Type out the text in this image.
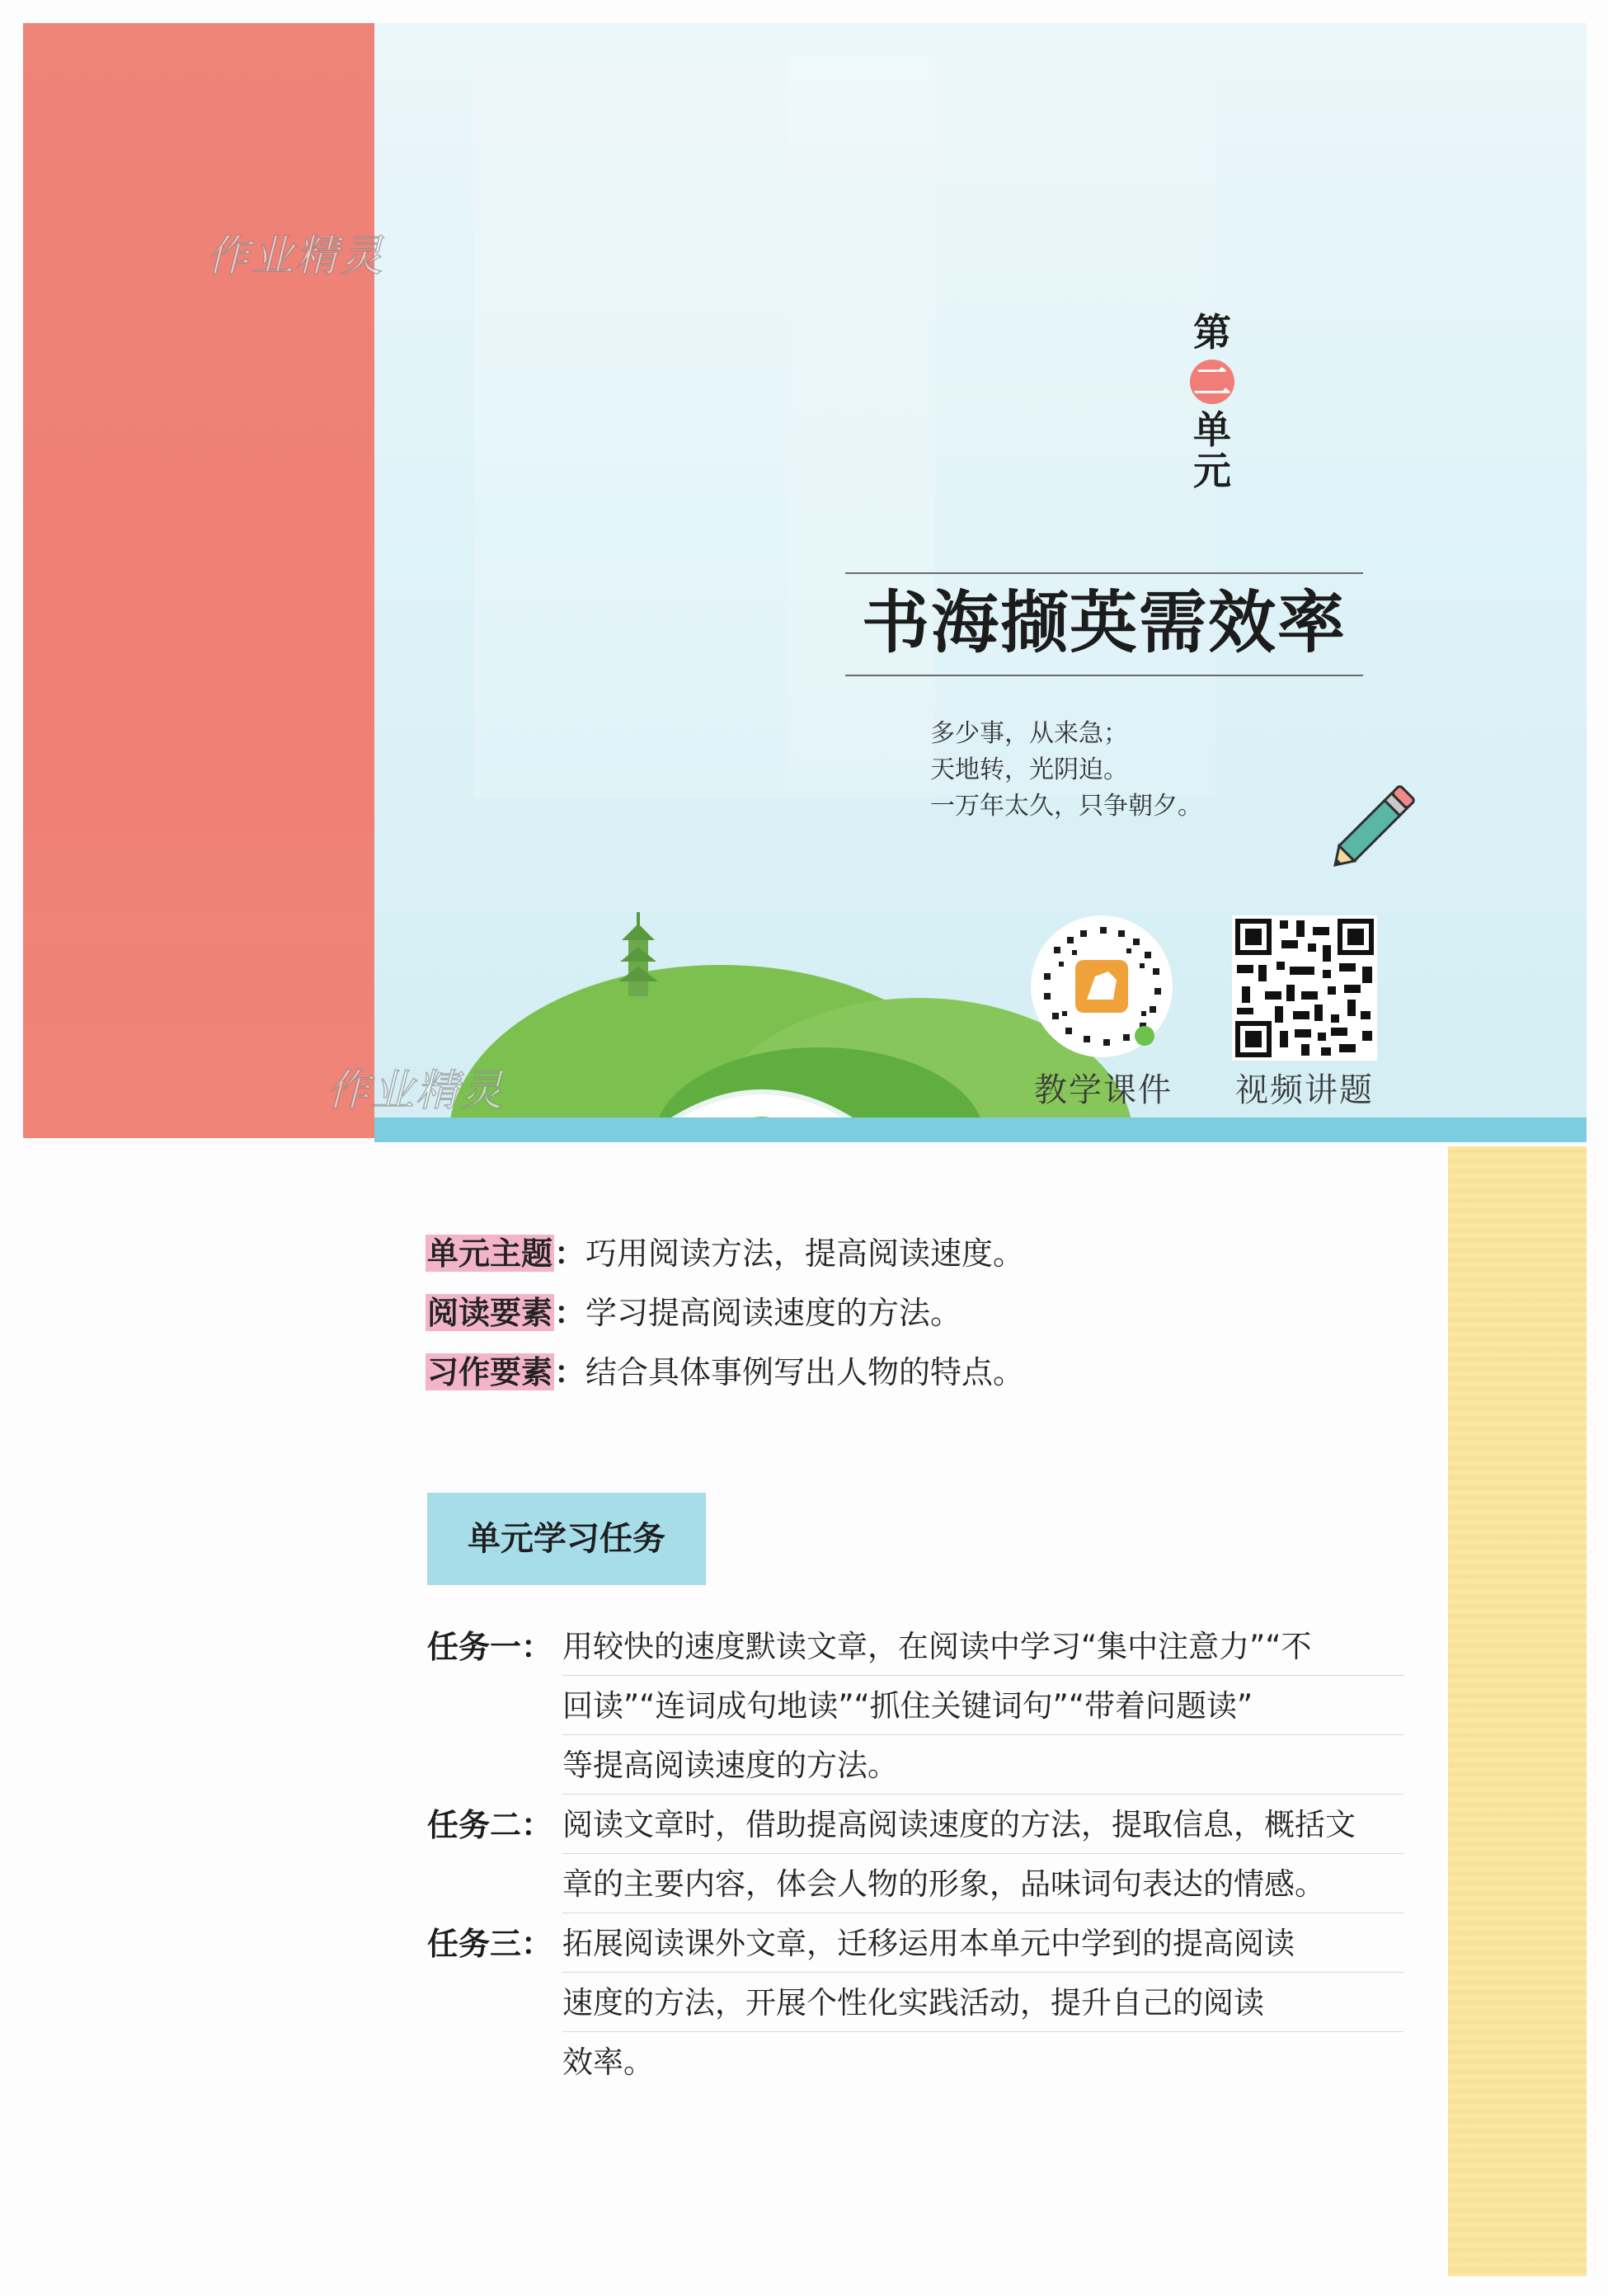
作业精灵
作业精灵
第
二
单
元
书海撷英需效率
多少事，从来急；
天地转，光阴迫。
一万年太久，只争朝夕。
教学课件	视频讲题
单元主题：巧用阅读方法，提高阅读速度。
阅读要素：学习提高阅读速度的方法。
习作要素：结合具体事例写出人物的特点。
单元学习任务
任务一： 用较快的速度默读文章，在阅读中学习“集中注意力”“不
回读”“连词成句地读”“抓住关键词句”“带着问题读”
等提高阅读速度的方法。
任务二： 阅读文章时，借助提高阅读速度的方法，提取信息，概括文
章的主要内容，体会人物的形象，品味词句表达的情感。
任务三： 拓展阅读课外文章，迁移运用本单元中学到的提高阅读
速度的方法，开展个性化实践活动，提升自己的阅读
效率。
